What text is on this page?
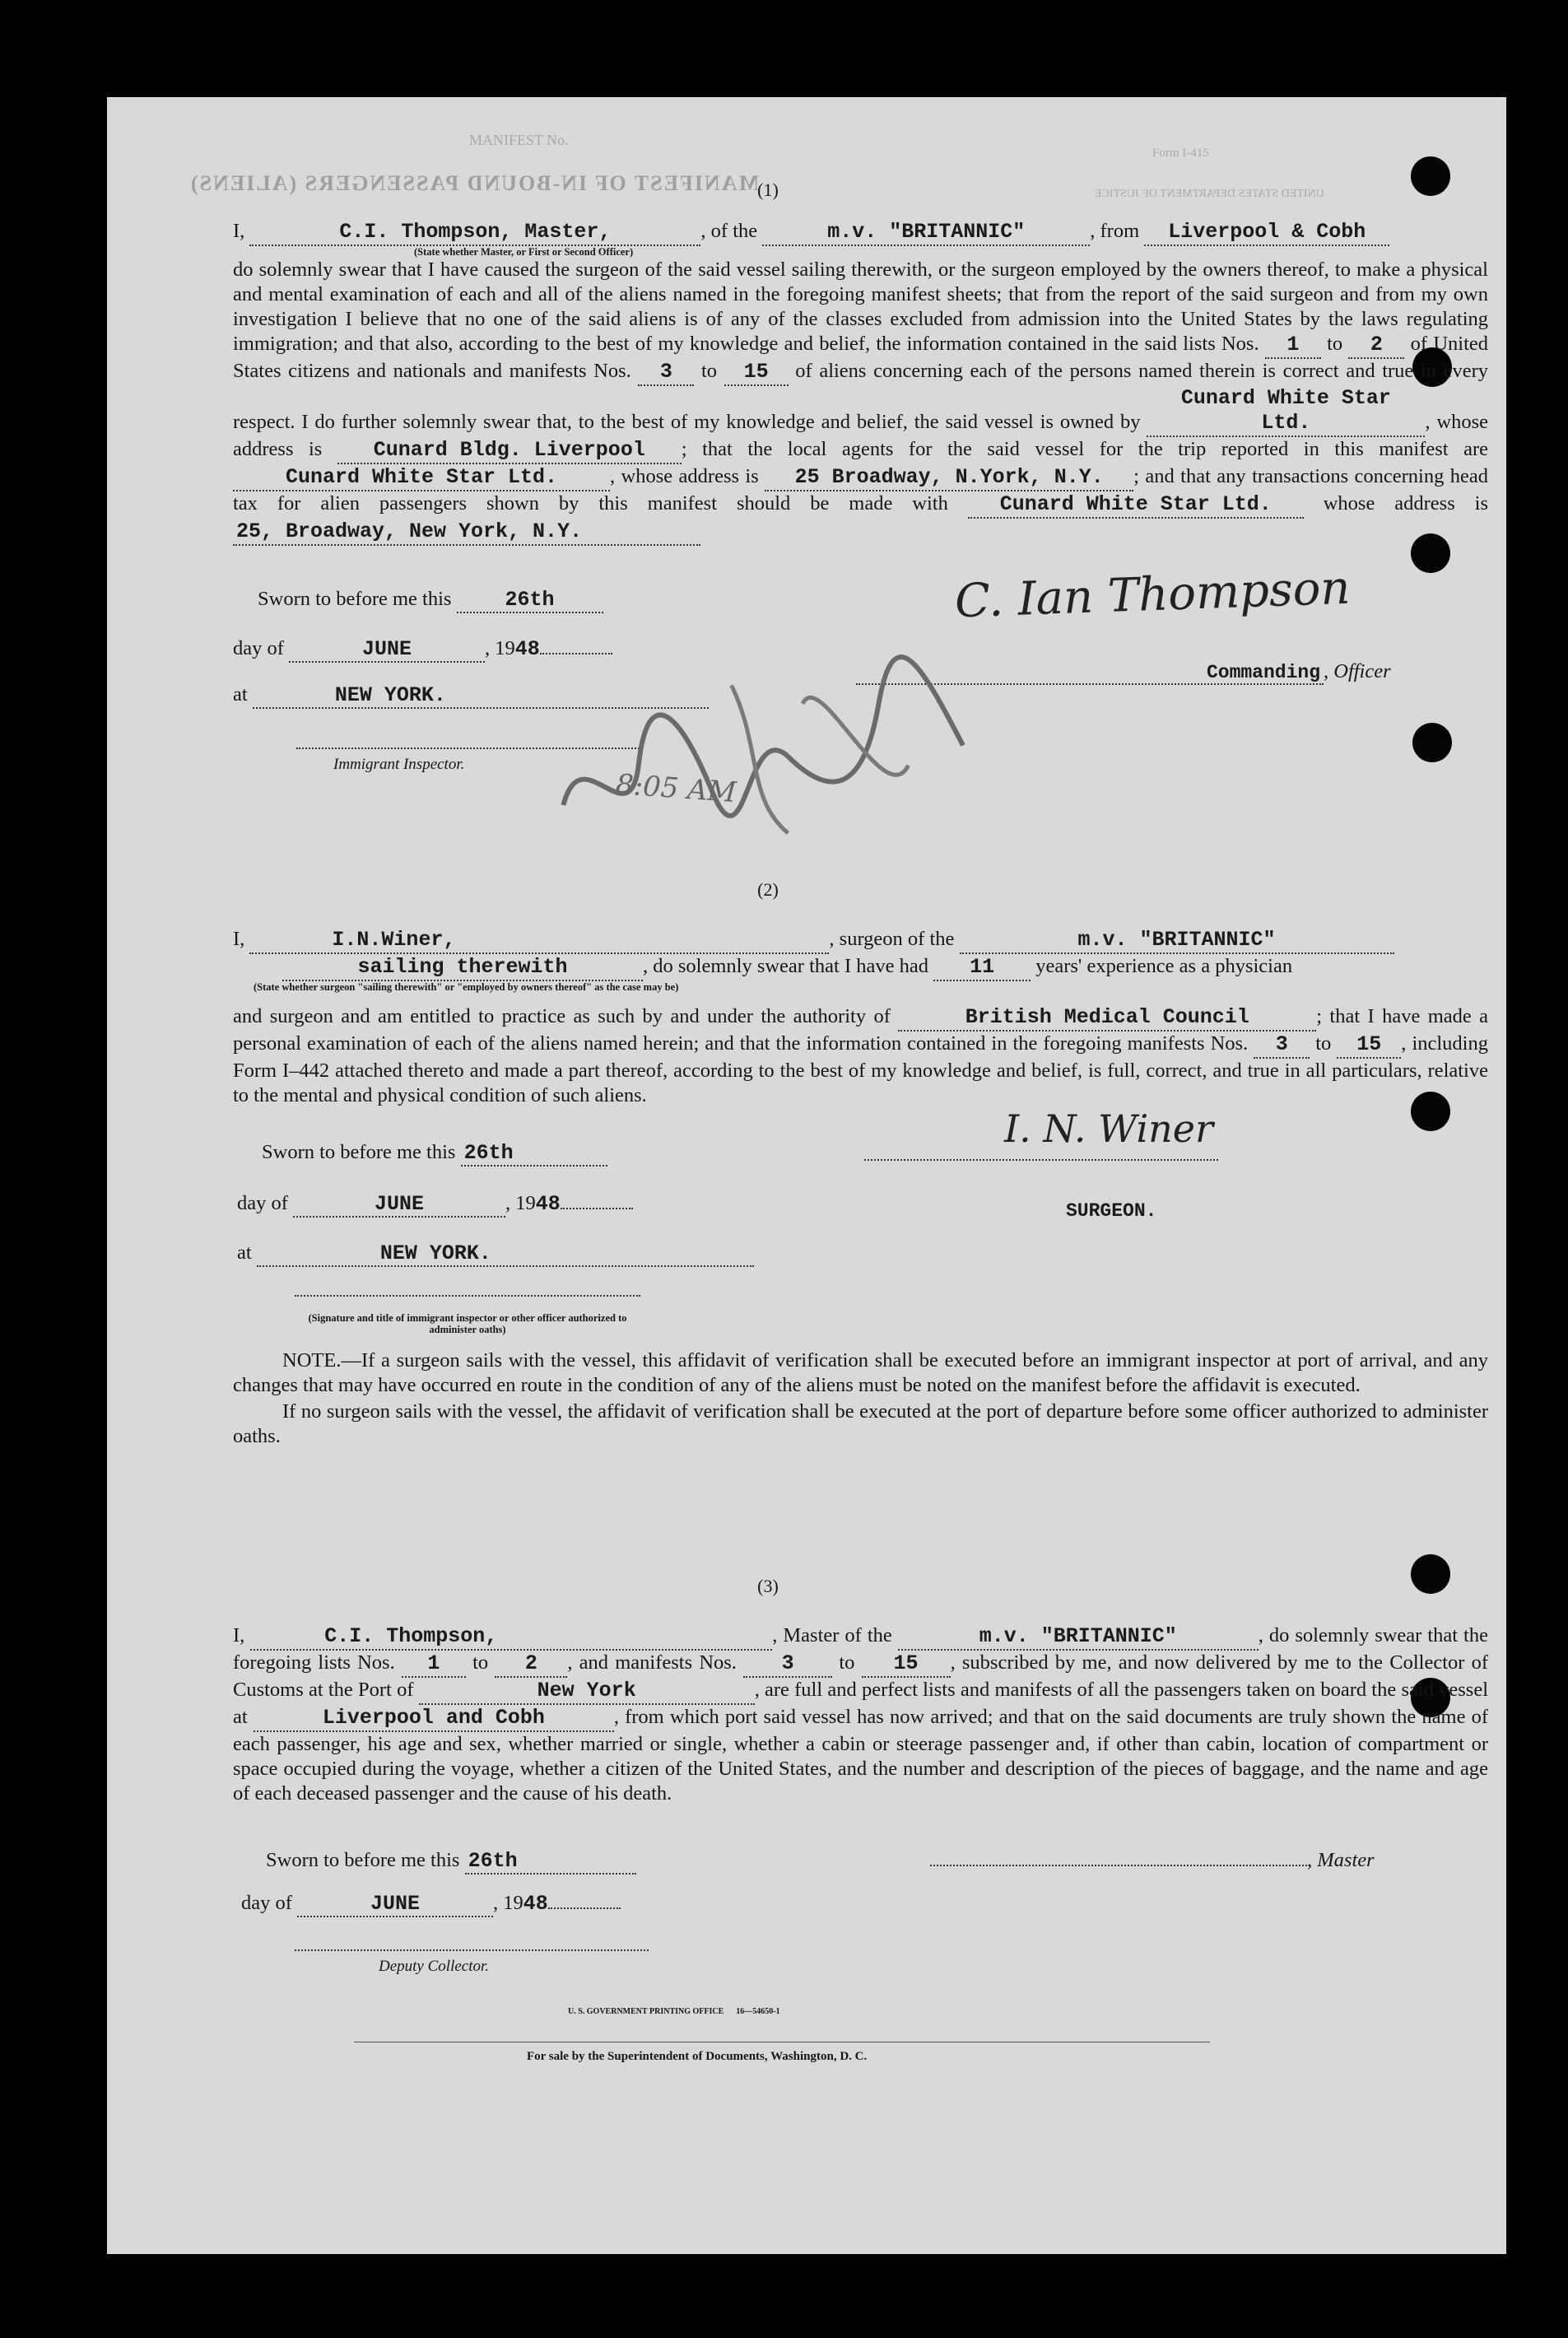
MANIFEST No.
MANIFEST OF IN-BOUND PASSENGERS (ALIENS)
Form I-415
UNITED STATES DEPARTMENT OF JUSTICE
(1)
I,	C.I. Thompson, Master,	, of the	m.v. "BRITANNIC"	, from Liverpool & Cobh
(State whether Master, or First or Second Officer)

do solemnly swear that I have caused the surgeon of the said vessel sailing therewith, or the surgeon employed by the owners thereof, to make a physical and mental examination of each and all of the aliens named in the foregoing manifest sheets; that from the report of the said surgeon and from my own investigation I believe that no one of the said aliens is of any of the classes excluded from admission into the United States by the laws regulating immigration; and that also, according to the best of my knowledge and belief, the information contained in the said lists Nos. 1 to 2 of United States citizens and nationals and manifests Nos. 3 to 15 of aliens concerning each of the persons named therein is correct and true in every respect. I do further solemnly swear that, to the best of my knowledge and belief, the said vessel is owned by Cunard White Star Ltd.	, whose address is Cunard Bldg. Liverpool ; that the local agents for the said vessel for the trip reported in this manifest are Cunard White Star Ltd.	, whose address is 25 Broadway, N.York, N.Y. ; and that any transactions concerning head tax for alien passengers shown by this manifest should be made with Cunard White Star Ltd. whose address is 25, Broadway, New York, N.Y.

Sworn to before me this 26th
day of	JUNE	, 1948
at	NEW YORK.
C. Ian Thompson
Commanding , Officer
Immigrant Inspector.
8:05 AM
(2)
I,	I.N.Winer,	, surgeon of the	m.v. "BRITANNIC"
sailing therewith	, do solemnly swear that I have had 11 years' experience as a physician
(State whether surgeon "sailing therewith" or "employed by owners thereof" as the case may be)

and surgeon and am entitled to practice as such by and under the authority of	British Medical Council	; that I have made a personal examination of each of the aliens named herein; and that the information contained in the foregoing manifests Nos. 3 to 15 , including Form I–442 attached thereto and made a part thereof, according to the best of my knowledge and belief, is full, correct, and true in all particulars, relative to the mental and physical condition of such aliens.

Sworn to before me this 26th
day of	JUNE	, 1948
at	NEW YORK.
I. N. Winer
SURGEON.
(Signature and title of immigrant inspector or other officer authorized to administer oaths)

NOTE.—If a surgeon sails with the vessel, this affidavit of verification shall be executed before an immigrant inspector at port of arrival, and any changes that may have occurred en route in the condition of any of the aliens must be noted on the manifest before the affidavit is executed.

If no surgeon sails with the vessel, the affidavit of verification shall be executed at the port of departure before some officer authorized to administer oaths.

(3)

I,	C.I. Thompson,	, Master of the	m.v. "BRITANNIC"	, do solemnly swear that the foregoing lists Nos. 1 to 2 , and manifests Nos. 3 to 15 , subscribed by me, and now delivered by me to the Collector of Customs at the Port of	New York	, are full and perfect lists and manifests of all the passengers taken on board the said vessel at	Liverpool and Cobh	, from which port said vessel has now arrived; and that on the said documents are truly shown the name of each passenger, his age and sex, whether married or single, whether a cabin or steerage passenger and, if other than cabin, location of compartment or space occupied during the voyage, whether a citizen of the United States, and the number and description of the pieces of baggage, and the name and age of each deceased passenger and the cause of his death.

Sworn to before me this 26th
day of	JUNE	, 1948
, Master
Deputy Collector.
U. S. GOVERNMENT PRINTING OFFICE 16—54650-1
For sale by the Superintendent of Documents, Washington, D. C.
